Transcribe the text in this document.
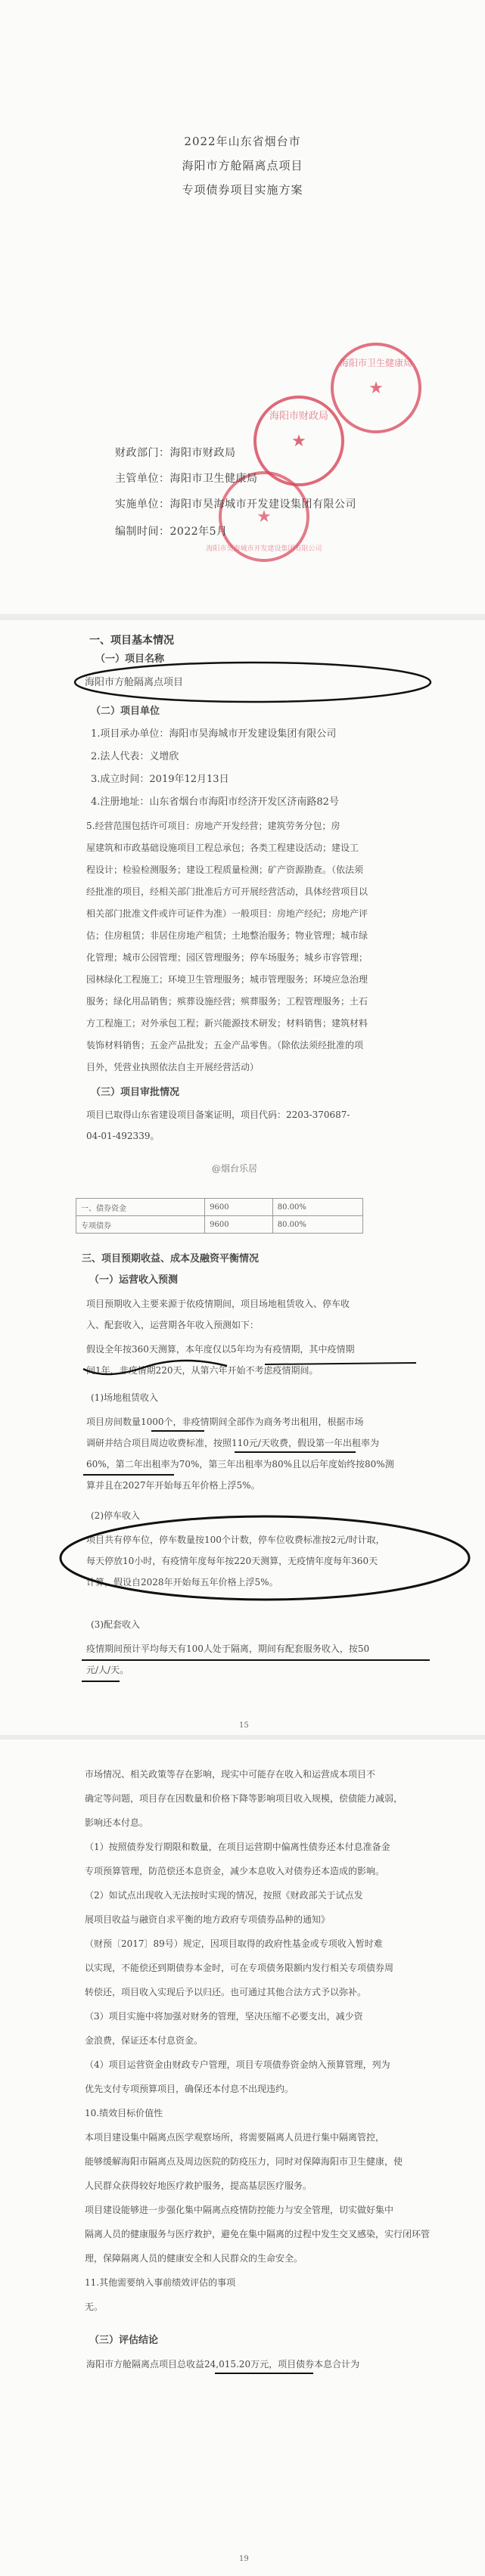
2022年山东省烟台市
海阳市方舱隔离点项目
专项债券项目实施方案
★
海阳市财政局
★
海阳市卫生健康局
★
海阳市昊海城市开发建设集团有限公司
财政部门：海阳市财政局
主管单位：海阳市卫生健康局
实施单位：海阳市昊海城市开发建设集团有限公司
编制时间：2022年5月
一、项目基本情况
（一）项目名称
海阳市方舱隔离点项目
（二）项目单位
1.项目承办单位：海阳市昊海城市开发建设集团有限公司
2.法人代表：义增欣
3.成立时间：2019年12月13日
4.注册地址：山东省烟台市海阳市经济开发区济南路82号
5.经营范围包括许可项目：房地产开发经营；建筑劳务分包；房
屋建筑和市政基础设施项目工程总承包；各类工程建设活动；建设工
程设计；检验检测服务；建设工程质量检测；矿产资源勘查。（依法须
经批准的项目，经相关部门批准后方可开展经营活动，具体经营项目以
相关部门批准文件或许可证件为准）一般项目：房地产经纪；房地产评
估；住房租赁；非居住房地产租赁；土地整治服务；物业管理；城市绿
化管理；城市公园管理；园区管理服务；停车场服务；城乡市容管理；
园林绿化工程施工；环境卫生管理服务；城市管理服务；环境应急治理
服务；绿化用品销售；殡葬设施经营；殡葬服务；工程管理服务；土石
方工程施工；对外承包工程；新兴能源技术研发；材料销售；建筑材料
装饰材料销售；五金产品批发；五金产品零售。（除依法须经批准的项
目外，凭营业执照依法自主开展经营活动）
（三）项目审批情况
项目已取得山东省建设项目备案证明，项目代码：2203-370687-
04-01-492339。
@烟台乐居
一、债券资金	9600	80.00%
专项债券	9600	80.00%
三、项目预期收益、成本及融资平衡情况
（一）运营收入预测
项目预期收入主要来源于依疫情期间，项目场地租赁收入、停车收
入、配套收入，运营期各年收入预测如下：
假设全年按360天测算，本年度仅以5年均为有疫情期，其中疫情期
间1年，非疫情期220天，从第六年开始不考虑疫情期间。
(1)场地租赁收入
项目房间数量1000个，非疫情期间全部作为商务考出租用，根据市场
调研并结合项目周边收费标准，按照110元/天收费，假设第一年出租率为
60%，第二年出租率为70%，第三年出租率为80%且以后年度始终按80%测
算并且在2027年开始每五年价格上浮5%。
(2)停车收入
项目共有停车位，停车数量按100个计数，停车位收费标准按2元/时计取，
每天停放10小时，有疫情年度每年按220天测算，无疫情年度每年360天
计算，假设自2028年开始每五年价格上浮5%。
(3)配套收入
疫情期间预计平均每天有100人处于隔离，期间有配套服务收入，按50
元/人/天。
15
市场情况、相关政策等存在影响，现实中可能存在收入和运营成本项目不
确定等问题，项目存在因数量和价格下降等影响项目收入规模，偿债能力减弱，
影响还本付息。
（1）按照债券发行期限和数量，在项目运营期中偏离性债券还本付息准备金
专项预算管理，防范偿还本息资金，减少本息收入对债券还本造成的影响。
（2）如试点出现收入无法按时实现的情况，按照《财政部关于试点发
展项目收益与融资自求平衡的地方政府专项债券品种的通知》
（财预〔2017〕89号）规定，因项目取得的政府性基金或专项收入暂时难
以实现，不能偿还到期债券本金时，可在专项债务限额内发行相关专项债券周
转偿还，项目收入实现后予以归还。也可通过其他合法方式予以弥补。
（3）项目实施中将加强对财务的管理，坚决压缩不必要支出，减少资
金浪费，保证还本付息资金。
（4）项目运营资金由财政专户管理，项目专项债券资金纳入预算管理，列为
优先支付专项预算项目，确保还本付息不出现违约。
10.绩效目标价值性
本项目建设集中隔离点医学观察场所，将需要隔离人员进行集中隔离管控，
能够缓解海阳市隔离点及周边医院的防疫压力，同时对保障海阳市卫生健康，使
人民群众获得较好地医疗救护服务，提高基层医疗服务。
项目建设能够进一步强化集中隔离点疫情防控能力与安全管理，切实做好集中
隔离人员的健康服务与医疗救护，避免在集中隔离的过程中发生交叉感染，实行闭环管
理，保障隔离人员的健康安全和人民群众的生命安全。
11.其他需要纳入事前绩效评估的事项
无。
（三）评估结论
海阳市方舱隔离点项目总收益24,015.20万元，项目债券本息合计为
19
